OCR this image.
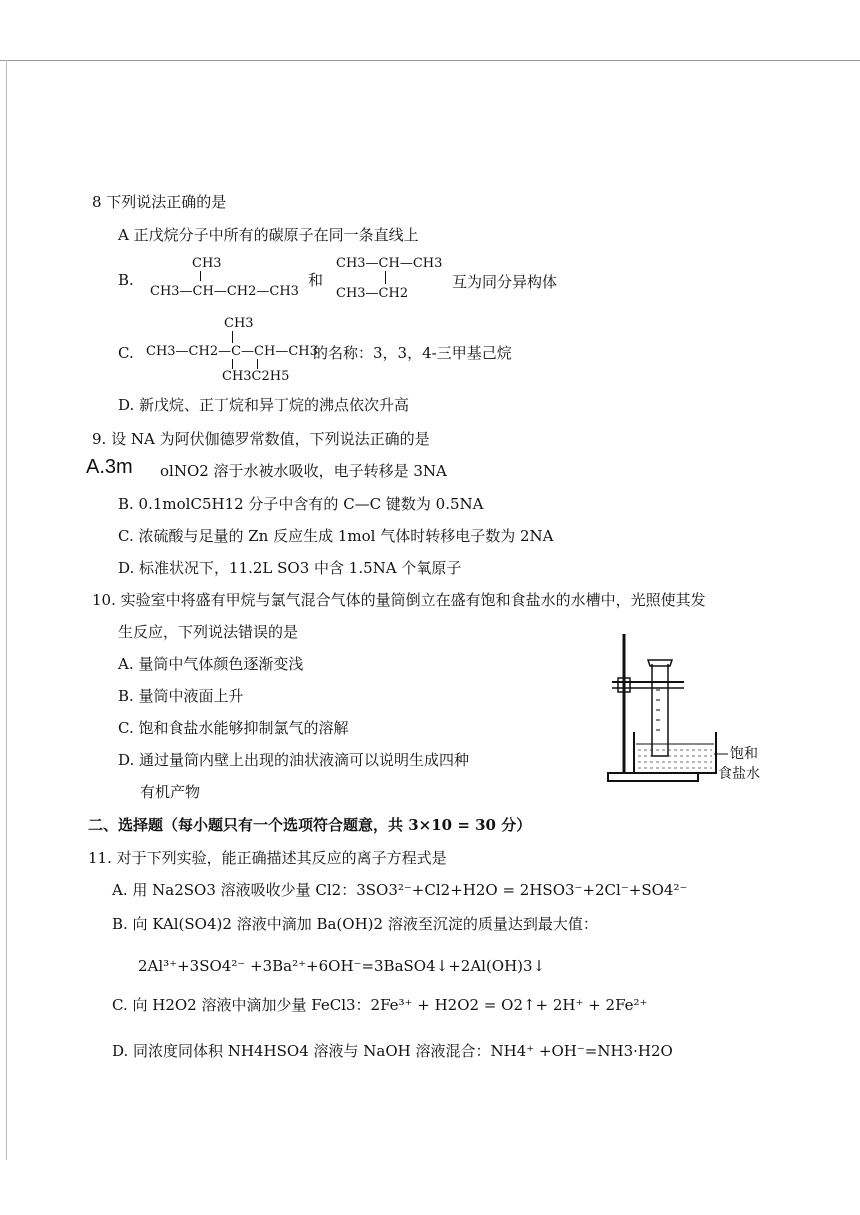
8 下列说法正确的是
A 正戊烷分子中所有的碳原子在同一条直线上
B.
CH3
CH3—CH—CH2—CH3
和
CH3—CH—CH3
CH3—CH2
互为同分异构体
C.
CH3
CH3—CH2—C—CH—CH3
CH3C2H5
的名称：3，3，4-三甲基己烷
D. 新戊烷、正丁烷和异丁烷的沸点依次升高
9. 设 NA 为阿伏伽德罗常数值，下列说法正确的是
A.3m olNO2 溶于水被水吸收，电子转移是 3NA
B. 0.1molC5H12 分子中含有的 C—C 键数为 0.5NA
C. 浓硫酸与足量的 Zn 反应生成 1mol 气体时转移电子数为 2NA
D. 标准状况下，11.2L SO3 中含 1.5NA 个氧原子
10. 实验室中将盛有甲烷与氯气混合气体的量筒倒立在盛有饱和食盐水的水槽中，光照使其发
生反应，下列说法错误的是
A. 量筒中气体颜色逐渐变浅
B. 量筒中液面上升
C. 饱和食盐水能够抑制氯气的溶解
D. 通过量筒内壁上出现的油状液滴可以说明生成四种
有机产物
饱和
食盐水
二、选择题（每小题只有一个选项符合题意，共 3×10 = 30 分）
11. 对于下列实验，能正确描述其反应的离子方程式是
A. 用 Na2SO3 溶液吸收少量 Cl2：3SO3²⁻+Cl2+H2O = 2HSO3⁻+2Cl⁻+SO4²⁻
B. 向 KAl(SO4)2 溶液中滴加 Ba(OH)2 溶液至沉淀的质量达到最大值：
2Al³⁺+3SO4²⁻ +3Ba²⁺+6OH⁻=3BaSO4↓+2Al(OH)3↓
C. 向 H2O2 溶液中滴加少量 FeCl3：2Fe³⁺ + H2O2 = O2↑+ 2H⁺ + 2Fe²⁺
D. 同浓度同体积 NH4HSO4 溶液与 NaOH 溶液混合：NH4⁺ +OH⁻=NH3·H2O
